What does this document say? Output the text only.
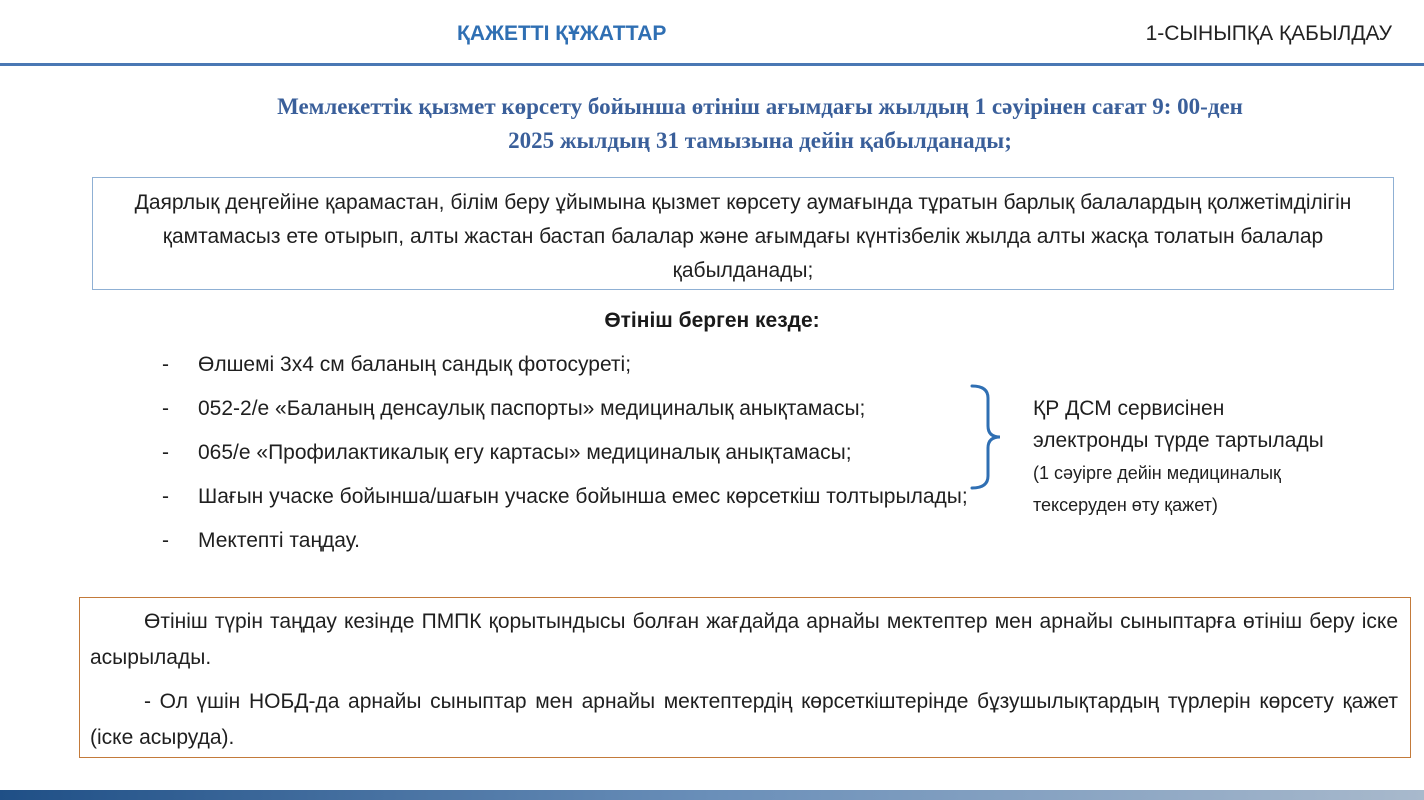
ҚАЖЕТТІ ҚҰЖАТТАР	1-СЫНЫПҚА ҚАБЫЛДАУ
Мемлекеттік қызмет көрсету бойынша өтініш ағымдағы жылдың 1 сәуірінен сағат 9: 00-ден
2025 жылдың 31 тамызына дейін қабылданады;
Даярлық деңгейіне қарамастан, білім беру ұйымына қызмет көрсету аумағында тұратын барлық балалардың қолжетімділігін қамтамасыз ете отырып, алты жастан бастап балалар және ағымдағы күнтізбелік жылда алты жасқа толатын балалар қабылданады;
Өтініш берген кезде:
- Өлшемі 3х4 см баланың сандық фотосуреті;
- 052-2/е «Баланың денсаулық паспорты» медициналық анықтамасы;
- 065/е «Профилактикалық егу картасы» медициналық анықтамасы;
- Шағын учаске бойынша/шағын учаске бойынша емес көрсеткіш толтырылады;
- Мектепті таңдау.
ҚР ДСМ сервисінен электронды түрде тартылады (1 сәуірге дейін медициналық тексеруден өту қажет)

Өтініш түрін таңдау кезінде ПМПК қорытындысы болған жағдайда арнайы мектептер мен арнайы сыныптарға өтініш беру іске асырылады.

- Ол үшін НОБД-да арнайы сыныптар мен арнайы мектептердің көрсеткіштерінде бұзушылықтардың түрлерін көрсету қажет (іске асыруда).
